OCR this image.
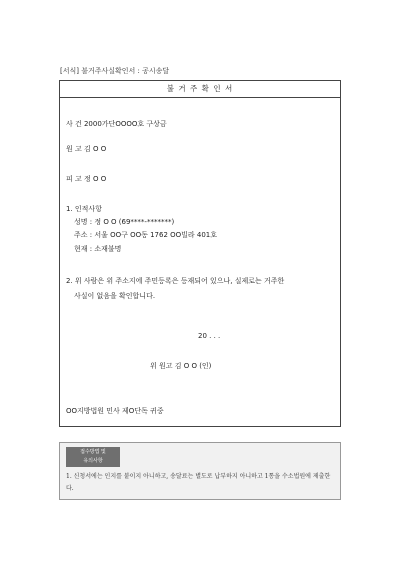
[서식] 불거주사실확인서 : 공시송달
불 거 주 확 인 서
사 건 2000가단OOOO호 구상금
원 고 김 O O
피 고 정 O O
1. 인적사항
성명 : 정 O O (69****-*******)
주소 : 서울 OO구 OO동 1762 OO빌라 401호
현재 : 소재불명
2. 위 사람은 위 주소지에 주민등록은 등재되어 있으나, 실제로는 거주한
사실이 없음을 확인합니다.
20 . . .
위 원고 김 O O (인)
OO지방법원 민사 제O단독 귀중
접수방법 및
유의사항
1. 신청서에는 인지를 붙이지 아니하고, 송달료는 별도로 납부하지 아니하고 1통을 수소법원에 제출한다.
